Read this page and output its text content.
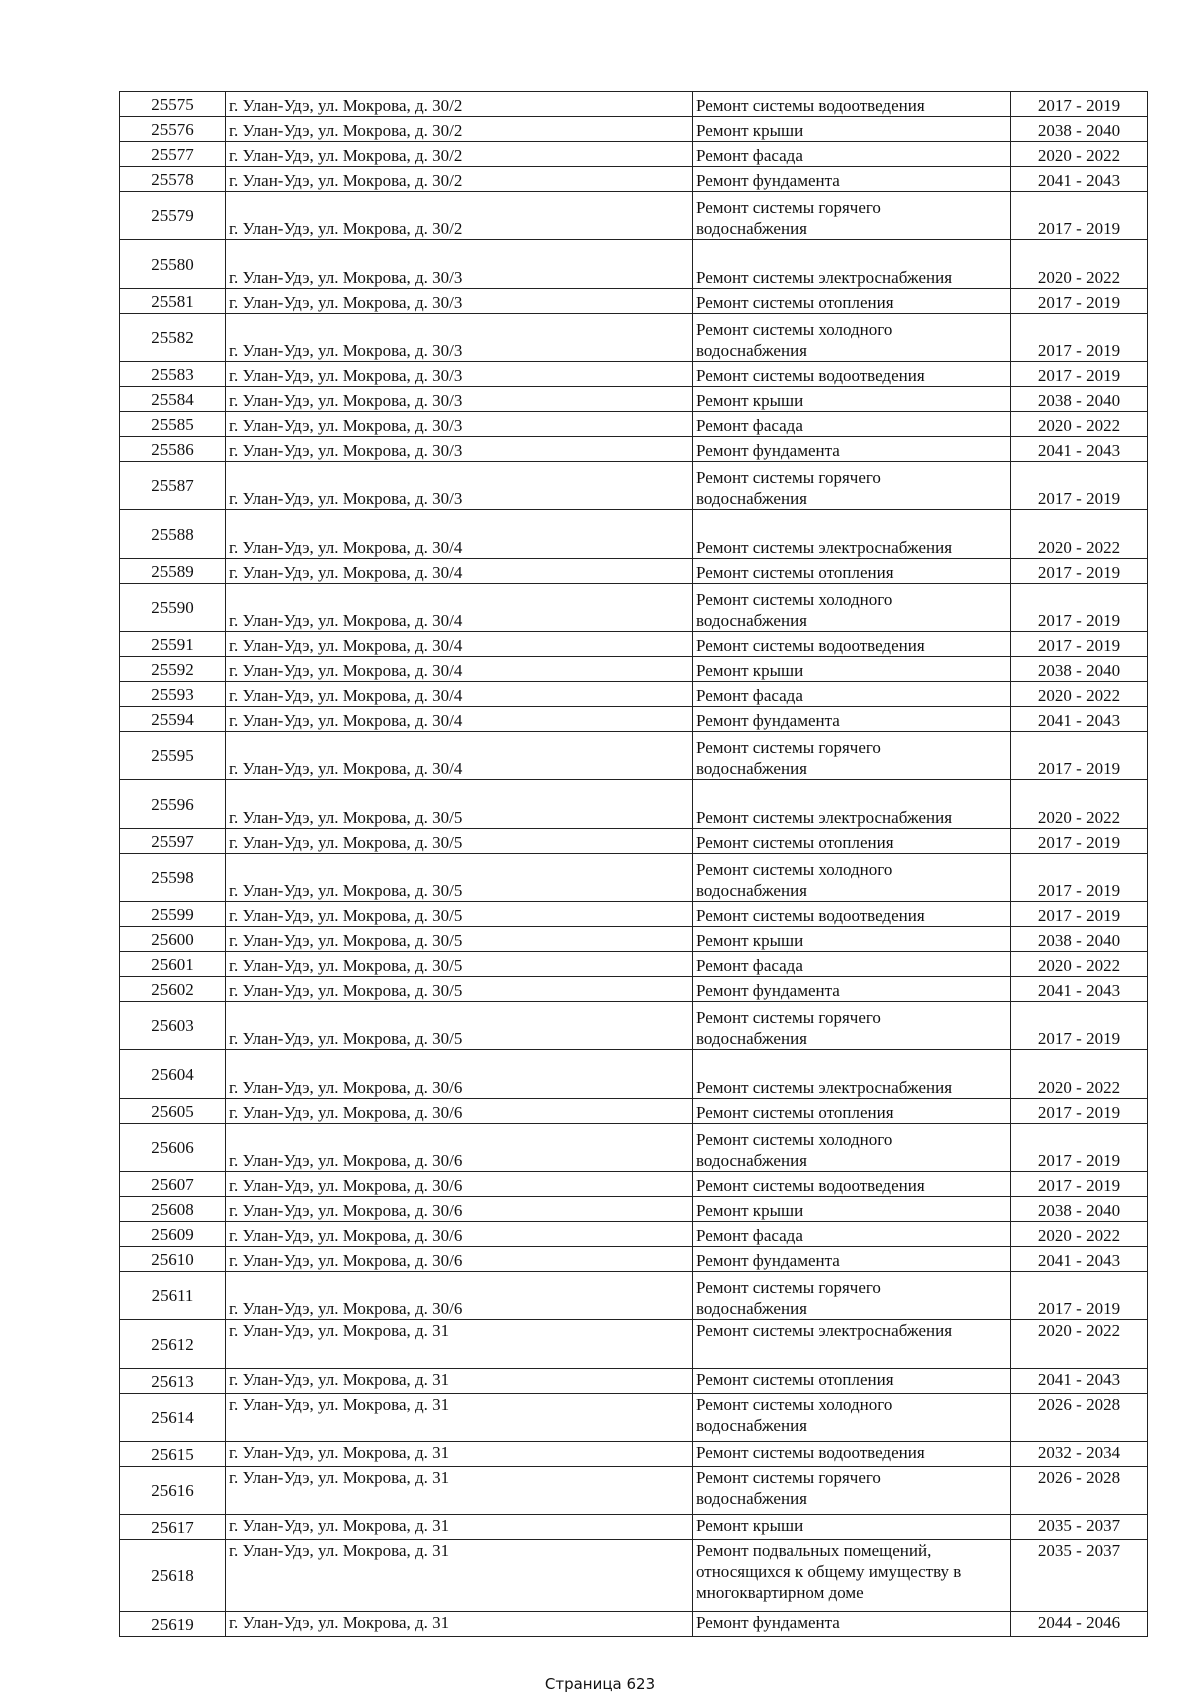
25575	г. Улан-Удэ, ул. Мокрова, д. 30/2	Ремонт системы водоотведения	2017 - 2019
25576	г. Улан-Удэ, ул. Мокрова, д. 30/2	Ремонт крыши	2038 - 2040
25577	г. Улан-Удэ, ул. Мокрова, д. 30/2	Ремонт фасада	2020 - 2022
25578	г. Улан-Удэ, ул. Мокрова, д. 30/2	Ремонт фундамента	2041 - 2043
25579	г. Улан-Удэ, ул. Мокрова, д. 30/2	Ремонт системы горячего
водоснабжения	2017 - 2019
25580	г. Улан-Удэ, ул. Мокрова, д. 30/3	Ремонт системы электроснабжения	2020 - 2022
25581	г. Улан-Удэ, ул. Мокрова, д. 30/3	Ремонт системы отопления	2017 - 2019
25582	г. Улан-Удэ, ул. Мокрова, д. 30/3	Ремонт системы холодного
водоснабжения	2017 - 2019
25583	г. Улан-Удэ, ул. Мокрова, д. 30/3	Ремонт системы водоотведения	2017 - 2019
25584	г. Улан-Удэ, ул. Мокрова, д. 30/3	Ремонт крыши	2038 - 2040
25585	г. Улан-Удэ, ул. Мокрова, д. 30/3	Ремонт фасада	2020 - 2022
25586	г. Улан-Удэ, ул. Мокрова, д. 30/3	Ремонт фундамента	2041 - 2043
25587	г. Улан-Удэ, ул. Мокрова, д. 30/3	Ремонт системы горячего
водоснабжения	2017 - 2019
25588	г. Улан-Удэ, ул. Мокрова, д. 30/4	Ремонт системы электроснабжения	2020 - 2022
25589	г. Улан-Удэ, ул. Мокрова, д. 30/4	Ремонт системы отопления	2017 - 2019
25590	г. Улан-Удэ, ул. Мокрова, д. 30/4	Ремонт системы холодного
водоснабжения	2017 - 2019
25591	г. Улан-Удэ, ул. Мокрова, д. 30/4	Ремонт системы водоотведения	2017 - 2019
25592	г. Улан-Удэ, ул. Мокрова, д. 30/4	Ремонт крыши	2038 - 2040
25593	г. Улан-Удэ, ул. Мокрова, д. 30/4	Ремонт фасада	2020 - 2022
25594	г. Улан-Удэ, ул. Мокрова, д. 30/4	Ремонт фундамента	2041 - 2043
25595	г. Улан-Удэ, ул. Мокрова, д. 30/4	Ремонт системы горячего
водоснабжения	2017 - 2019
25596	г. Улан-Удэ, ул. Мокрова, д. 30/5	Ремонт системы электроснабжения	2020 - 2022
25597	г. Улан-Удэ, ул. Мокрова, д. 30/5	Ремонт системы отопления	2017 - 2019
25598	г. Улан-Удэ, ул. Мокрова, д. 30/5	Ремонт системы холодного
водоснабжения	2017 - 2019
25599	г. Улан-Удэ, ул. Мокрова, д. 30/5	Ремонт системы водоотведения	2017 - 2019
25600	г. Улан-Удэ, ул. Мокрова, д. 30/5	Ремонт крыши	2038 - 2040
25601	г. Улан-Удэ, ул. Мокрова, д. 30/5	Ремонт фасада	2020 - 2022
25602	г. Улан-Удэ, ул. Мокрова, д. 30/5	Ремонт фундамента	2041 - 2043
25603	г. Улан-Удэ, ул. Мокрова, д. 30/5	Ремонт системы горячего
водоснабжения	2017 - 2019
25604	г. Улан-Удэ, ул. Мокрова, д. 30/6	Ремонт системы электроснабжения	2020 - 2022
25605	г. Улан-Удэ, ул. Мокрова, д. 30/6	Ремонт системы отопления	2017 - 2019
25606	г. Улан-Удэ, ул. Мокрова, д. 30/6	Ремонт системы холодного
водоснабжения	2017 - 2019
25607	г. Улан-Удэ, ул. Мокрова, д. 30/6	Ремонт системы водоотведения	2017 - 2019
25608	г. Улан-Удэ, ул. Мокрова, д. 30/6	Ремонт крыши	2038 - 2040
25609	г. Улан-Удэ, ул. Мокрова, д. 30/6	Ремонт фасада	2020 - 2022
25610	г. Улан-Удэ, ул. Мокрова, д. 30/6	Ремонт фундамента	2041 - 2043
25611	г. Улан-Удэ, ул. Мокрова, д. 30/6	Ремонт системы горячего
водоснабжения	2017 - 2019
25612	г. Улан-Удэ, ул. Мокрова, д. 31	Ремонт системы электроснабжения	2020 - 2022
25613	г. Улан-Удэ, ул. Мокрова, д. 31	Ремонт системы отопления	2041 - 2043
25614	г. Улан-Удэ, ул. Мокрова, д. 31	Ремонт системы холодного
водоснабжения	2026 - 2028
25615	г. Улан-Удэ, ул. Мокрова, д. 31	Ремонт системы водоотведения	2032 - 2034
25616	г. Улан-Удэ, ул. Мокрова, д. 31	Ремонт системы горячего
водоснабжения	2026 - 2028
25617	г. Улан-Удэ, ул. Мокрова, д. 31	Ремонт крыши	2035 - 2037
25618	г. Улан-Удэ, ул. Мокрова, д. 31	Ремонт подвальных помещений,
относящихся к общему имуществу в
многоквартирном доме	2035 - 2037
25619	г. Улан-Удэ, ул. Мокрова, д. 31	Ремонт фундамента	2044 - 2046
Страница 623
